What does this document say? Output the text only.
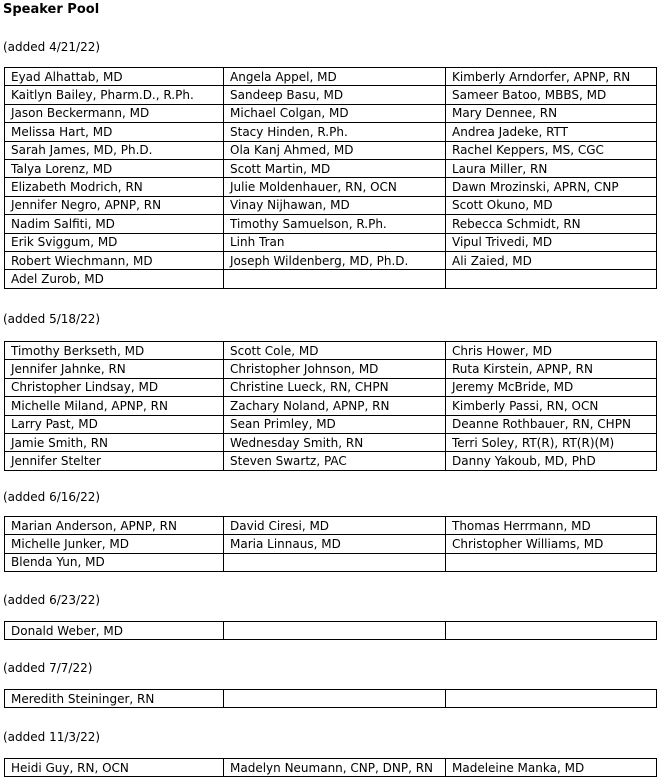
Speaker Pool
(added 4/21/22)
Eyad Alhattab, MD	Angela Appel, MD	Kimberly Arndorfer, APNP, RN
Kaitlyn Bailey, Pharm.D., R.Ph.	Sandeep Basu, MD	Sameer Batoo, MBBS, MD
Jason Beckermann, MD	Michael Colgan, MD	Mary Dennee, RN
Melissa Hart, MD	Stacy Hinden, R.Ph.	Andrea Jadeke, RTT
Sarah James, MD, Ph.D.	Ola Kanj Ahmed, MD	Rachel Keppers, MS, CGC
Talya Lorenz, MD	Scott Martin, MD	Laura Miller, RN
Elizabeth Modrich, RN	Julie Moldenhauer, RN, OCN	Dawn Mrozinski, APRN, CNP
Jennifer Negro, APNP, RN	Vinay Nijhawan, MD	Scott Okuno, MD
Nadim Salfiti, MD	Timothy Samuelson, R.Ph.	Rebecca Schmidt, RN
Erik Sviggum, MD	Linh Tran	Vipul Trivedi, MD
Robert Wiechmann, MD	Joseph Wildenberg, MD, Ph.D.	Ali Zaied, MD
Adel Zurob, MD		
(added 5/18/22)
Timothy Berkseth, MD	Scott Cole, MD	Chris Hower, MD
Jennifer Jahnke, RN	Christopher Johnson, MD	Ruta Kirstein, APNP, RN
Christopher Lindsay, MD	Christine Lueck, RN, CHPN	Jeremy McBride, MD
Michelle Miland, APNP, RN	Zachary Noland, APNP, RN	Kimberly Passi, RN, OCN
Larry Past, MD	Sean Primley, MD	Deanne Rothbauer, RN, CHPN
Jamie Smith, RN	Wednesday Smith, RN	Terri Soley, RT(R), RT(R)(M)
Jennifer Stelter	Steven Swartz, PAC	Danny Yakoub, MD, PhD
(added 6/16/22)
Marian Anderson, APNP, RN	David Ciresi, MD	Thomas Herrmann, MD
Michelle Junker, MD	Maria Linnaus, MD	Christopher Williams, MD
Blenda Yun, MD		
(added 6/23/22)
Donald Weber, MD		
(added 7/7/22)
Meredith Steininger, RN		
(added 11/3/22)
Heidi Guy, RN, OCN	Madelyn Neumann, CNP, DNP, RN	Madeleine Manka, MD
